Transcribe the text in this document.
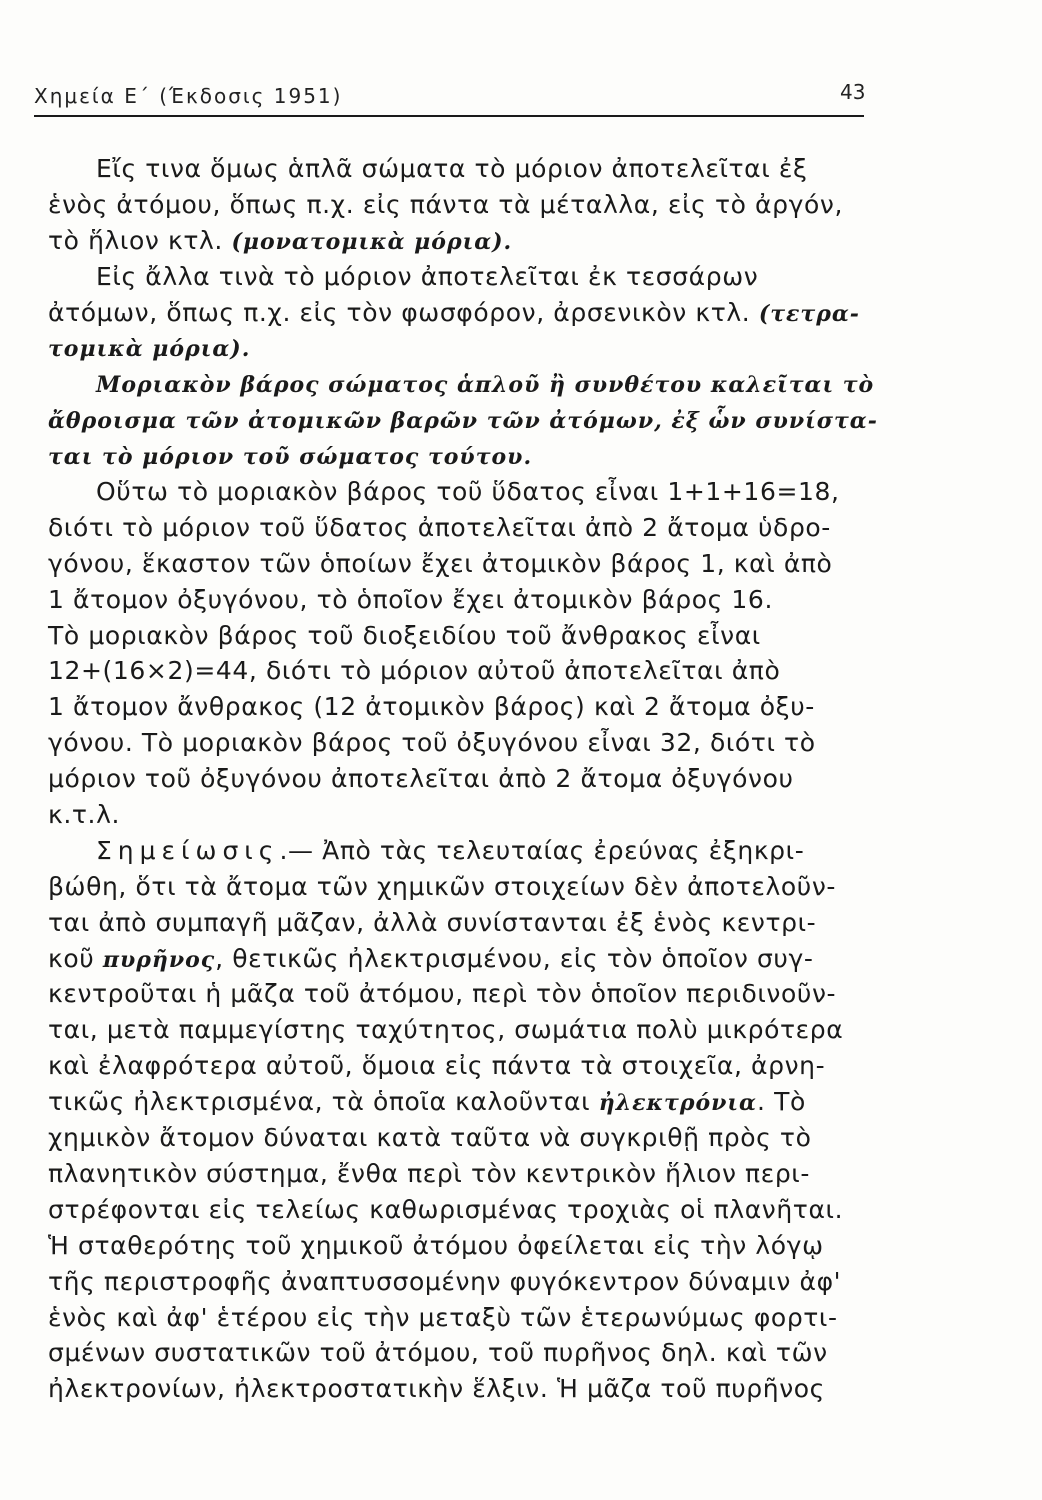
Χημεία Ε΄ (Έκδοσις 1951)	43
Εἴς τινα ὅμως ἁπλᾶ σώματα τὸ μόριον ἀποτελεῖται ἐξ
ἑνὸς ἀτόμου, ὅπως π.χ. εἰς πάντα τὰ μέταλλα, εἰς τὸ ἀργόν,
τὸ ἥλιον κτλ. (μονατομικὰ μόρια).
Εἰς ἄλλα τινὰ τὸ μόριον ἀποτελεῖται ἐκ τεσσάρων
ἀτόμων, ὅπως π.χ. εἰς τὸν φωσφόρον, ἀρσενικὸν κτλ. (τετρα-
τομικὰ μόρια).
Μοριακὸν βάρος σώματος ἁπλοῦ ἢ συνθέτου καλεῖται τὸ
ἄθροισμα τῶν ἀτομικῶν βαρῶν τῶν ἀτόμων, ἐξ ὧν συνίστα-
ται τὸ μόριον τοῦ σώματος τούτου.
Οὕτω τὸ μοριακὸν βάρος τοῦ ὕδατος εἶναι 1+1+16=18,
διότι τὸ μόριον τοῦ ὕδατος ἀποτελεῖται ἀπὸ 2 ἄτομα ὑδρο-
γόνου, ἕκαστον τῶν ὁποίων ἔχει ἀτομικὸν βάρος 1, καὶ ἀπὸ
1 ἄτομον ὀξυγόνου, τὸ ὁποῖον ἔχει ἀτομικὸν βάρος 16.
Τὸ μοριακὸν βάρος τοῦ διοξειδίου τοῦ ἄνθρακος εἶναι
12+(16×2)=44, διότι τὸ μόριον αὐτοῦ ἀποτελεῖται ἀπὸ
1 ἄτομον ἄνθρακος (12 ἀτομικὸν βάρος) καὶ 2 ἄτομα ὀξυ-
γόνου. Τὸ μοριακὸν βάρος τοῦ ὀξυγόνου εἶναι 32, διότι τὸ
μόριον τοῦ ὀξυγόνου ἀποτελεῖται ἀπὸ 2 ἄτομα ὀξυγόνου
κ.τ.λ.
Σημείωσις.— Ἀπὸ τὰς τελευταίας ἐρεύνας ἐξηκρι-
βώθη, ὅτι τὰ ἄτομα τῶν χημικῶν στοιχείων δὲν ἀποτελοῦν-
ται ἀπὸ συμπαγῆ μᾶζαν, ἀλλὰ συνίστανται ἐξ ἑνὸς κεντρι-
κοῦ πυρῆνος, θετικῶς ἠλεκτρισμένου, εἰς τὸν ὁποῖον συγ-
κεντροῦται ἡ μᾶζα τοῦ ἀτόμου, περὶ τὸν ὁποῖον περιδινοῦν-
ται, μετὰ παμμεγίστης ταχύτητος, σωμάτια πολὺ μικρότερα
καὶ ἐλαφρότερα αὐτοῦ, ὅμοια εἰς πάντα τὰ στοιχεῖα, ἀρνη-
τικῶς ἠλεκτρισμένα, τὰ ὁποῖα καλοῦνται ἠλεκτρόνια. Τὸ
χημικὸν ἄτομον δύναται κατὰ ταῦτα νὰ συγκριθῇ πρὸς τὸ
πλανητικὸν σύστημα, ἔνθα περὶ τὸν κεντρικὸν ἥλιον περι-
στρέφονται εἰς τελείως καθωρισμένας τροχιὰς οἱ πλανῆται.
Ἡ σταθερότης τοῦ χημικοῦ ἀτόμου ὀφείλεται εἰς τὴν λόγῳ
τῆς περιστροφῆς ἀναπτυσσομένην φυγόκεντρον δύναμιν ἀφ'
ἑνὸς καὶ ἀφ' ἑτέρου εἰς τὴν μεταξὺ τῶν ἑτερωνύμως φορτι-
σμένων συστατικῶν τοῦ ἀτόμου, τοῦ πυρῆνος δηλ. καὶ τῶν
ἠλεκτρονίων, ἠλεκτροστατικὴν ἕλξιν. Ἡ μᾶζα τοῦ πυρῆνος
